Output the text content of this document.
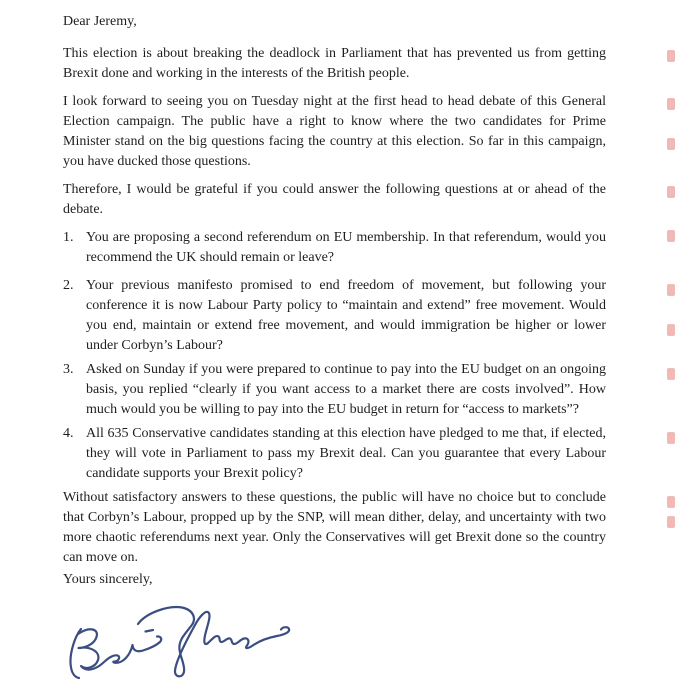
Dear Jeremy,

This election is about breaking the deadlock in Parliament that has prevented us from getting Brexit done and working in the interests of the British people.

I look forward to seeing you on Tuesday night at the first head to head debate of this General Election campaign. The public have a right to know where the two candidates for Prime Minister stand on the big questions facing the country at this election. So far in this campaign, you have ducked those questions.

Therefore, I would be grateful if you could answer the following questions at or ahead of the debate.

1. You are proposing a second referendum on EU membership. In that referendum, would you recommend the UK should remain or leave?
2. Your previous manifesto promised to end freedom of movement, but following your conference it is now Labour Party policy to “maintain and extend” free movement. Would you end, maintain or extend free movement, and would immigration be higher or lower under Corbyn’s Labour?
3. Asked on Sunday if you were prepared to continue to pay into the EU budget on an ongoing basis, you replied “clearly if you want access to a market there are costs involved”. How much would you be willing to pay into the EU budget in return for “access to markets”?
4. All 635 Conservative candidates standing at this election have pledged to me that, if elected, they will vote in Parliament to pass my Brexit deal. Can you guarantee that every Labour candidate supports your Brexit policy?

Without satisfactory answers to these questions, the public will have no choice but to conclude that Corbyn’s Labour, propped up by the SNP, will mean dither, delay, and uncertainty with two more chaotic referendums next year. Only the Conservatives will get Brexit done so the country can move on.

Yours sincerely,
